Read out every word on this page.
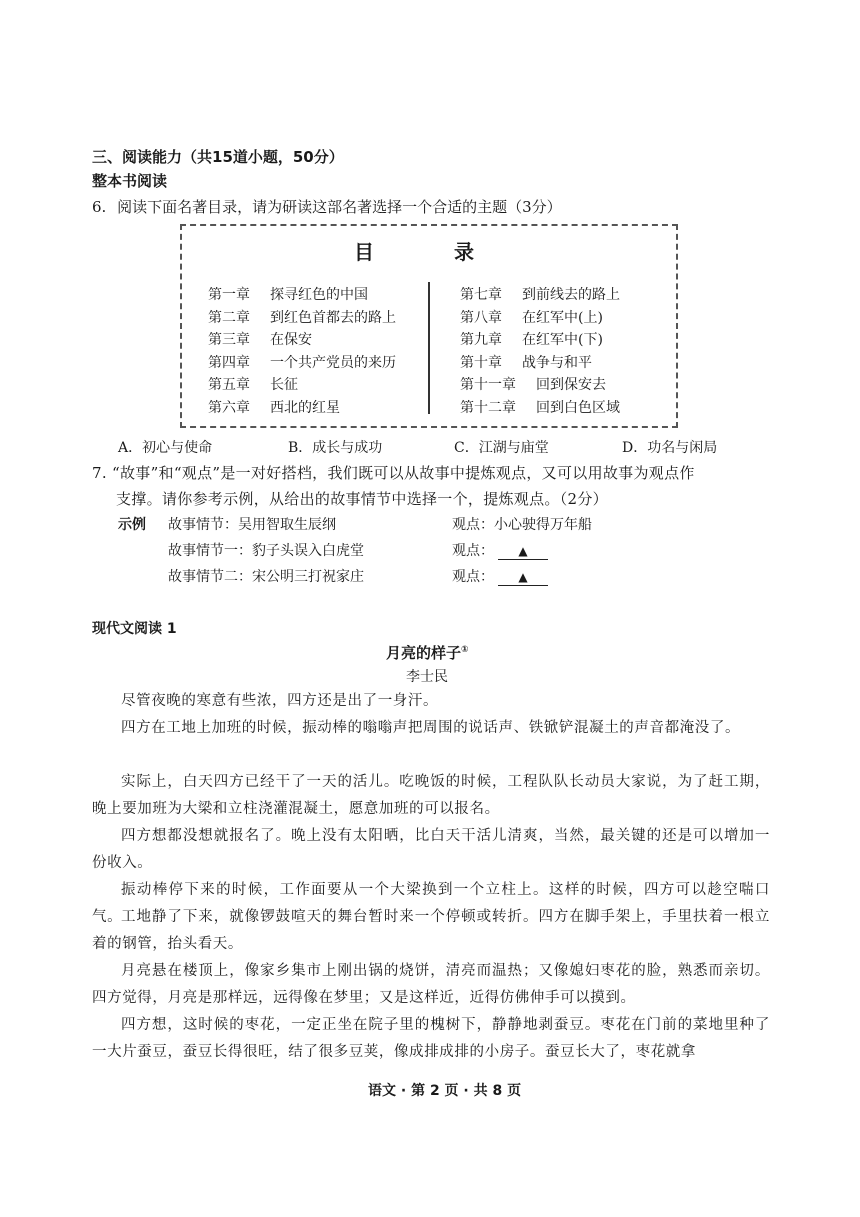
三、阅读能力（共15道小题，50分）
整本书阅读
6. 阅读下面名著目录，请为研读这部名著选择一个合适的主题（3分）
目　录
第一章 探寻红色的中国
第二章 到红色首都去的路上
第三章 在保安
第四章 一个共产党员的来历
第五章 长征
第六章 西北的红星
第七章 到前线去的路上
第八章 在红军中(上)
第九章 在红军中(下)
第十章 战争与和平
第十一章 回到保安去
第十二章 回到白色区域
A．初心与使命	B．成长与成功	C．江湖与庙堂	D．功名与闲局
7. “故事”和“观点”是一对好搭档，我们既可以从故事中提炼观点，又可以用故事为观点作
支撑。请你参考示例，从给出的故事情节中选择一个，提炼观点。（2分）
示例 故事情节：吴用智取生辰纲	观点：小心驶得万年船
故事情节一：豹子头误入白虎堂	观点： ▲
故事情节二：宋公明三打祝家庄	观点： ▲
现代文阅读 1
月亮的样子①
李士民
尽管夜晚的寒意有些浓，四方还是出了一身汗。
四方在工地上加班的时候，振动棒的嗡嗡声把周围的说话声、铁锨铲混凝土的声音都淹没了。
实际上，白天四方已经干了一天的活儿。吃晚饭的时候，工程队队长动员大家说，为了赶工期，晚上要加班为大梁和立柱浇灌混凝土，愿意加班的可以报名。
四方想都没想就报名了。晚上没有太阳晒，比白天干活儿清爽，当然，最关键的还是可以增加一份收入。
振动棒停下来的时候，工作面要从一个大梁换到一个立柱上。这样的时候，四方可以趁空喘口气。
工地静了下来，就像锣鼓喧天的舞台暂时来一个停顿或转折。四方在脚手架上，手里扶着一根立着的钢管，抬头看天。
月亮悬在楼顶上，像家乡集市上刚出锅的烧饼，清亮而温热；又像媳妇枣花的脸，熟悉而亲切。四方觉得，月亮是那样远，远得像在梦里；又是这样近，近得仿佛伸手可以摸到。
四方想，这时候的枣花，一定正坐在院子里的槐树下，静静地剥蚕豆。枣花在门前的菜地里种了一大片蚕豆，蚕豆长得很旺，结了很多豆荚，像成排成排的小房子。蚕豆长大了，枣花就拿
语文 · 第 2 页 · 共 8 页
